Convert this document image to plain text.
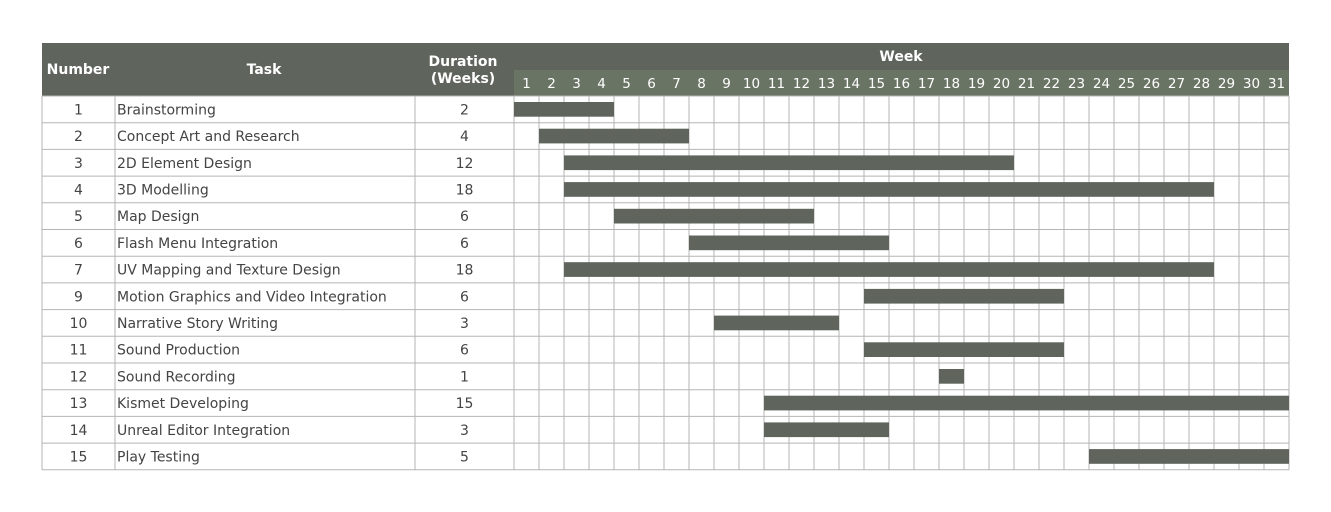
Number	Task	Duration
(Weeks)
Week
1 2 3 4 5 6 7 8 9 10 11 12 13 14 15 16 17 18 19 20 21 22 23 24 25 26 27 28 29 30 31
1 Brainstorming	2
2 Concept Art and Research	4
3 2D Element Design	12
4 3D Modelling	18
5 Map Design	6
6 Flash Menu Integration	6
7 UV Mapping and Texture Design	18
9 Motion Graphics and Video Integration	6
10 Narrative Story Writing	3
11 Sound Production	6
12 Sound Recording	1
13 Kismet Developing	15
14 Unreal Editor Integration	3
15 Play Testing	5
